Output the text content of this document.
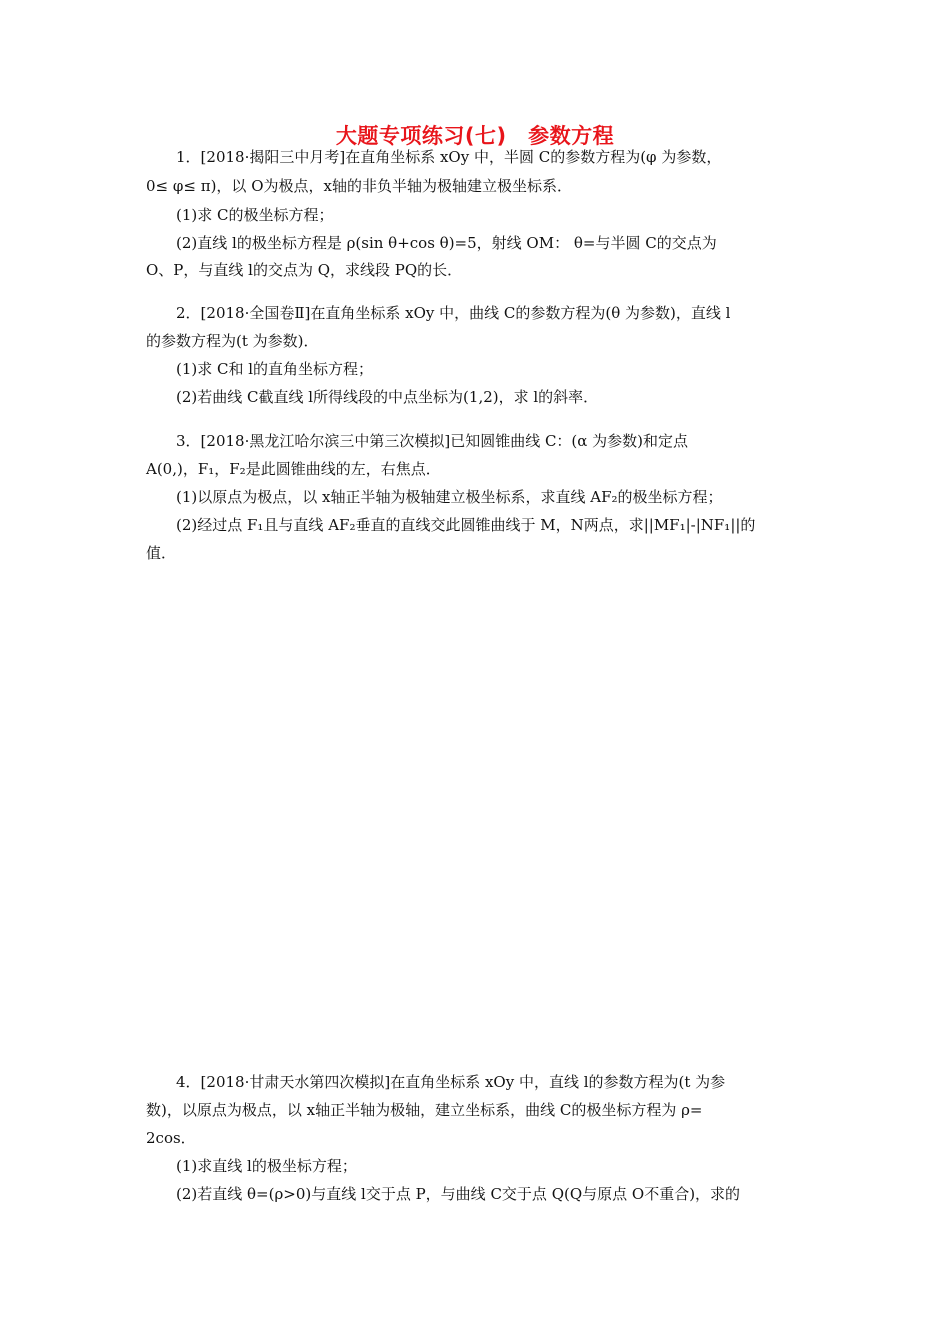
大题专项练习(七)　参数方程
1．[2018·揭阳三中月考]在直角坐标系 xOy 中，半圆 C的参数方程为(φ 为参数，
0≤ φ≤ π)，以 O为极点，x轴的非负半轴为极轴建立极坐标系．
(1)求 C的极坐标方程；
(2)直线 l的极坐标方程是 ρ(sin θ+cos θ)=5，射线 OM： θ=与半圆 C的交点为
O、P，与直线 l的交点为 Q，求线段 PQ的长．
2．[2018·全国卷Ⅱ]在直角坐标系 xOy 中，曲线 C的参数方程为(θ 为参数)，直线 l
的参数方程为(t 为参数)．
(1)求 C和 l的直角坐标方程；
(2)若曲线 C截直线 l所得线段的中点坐标为(1,2)，求 l的斜率．
3．[2018·黑龙江哈尔滨三中第三次模拟]已知圆锥曲线 C：(α 为参数)和定点
A(0,)，F₁，F₂是此圆锥曲线的左，右焦点．
(1)以原点为极点，以 x轴正半轴为极轴建立极坐标系，求直线 AF₂的极坐标方程；
(2)经过点 F₁且与直线 AF₂垂直的直线交此圆锥曲线于 M，N两点，求||MF₁|-|NF₁||的
值．
4．[2018·甘肃天水第四次模拟]在直角坐标系 xOy 中，直线 l的参数方程为(t 为参
数)，以原点为极点，以 x轴正半轴为极轴，建立坐标系，曲线 C的极坐标方程为 ρ=
2cos．
(1)求直线 l的极坐标方程；
(2)若直线 θ=(ρ>0)与直线 l交于点 P，与曲线 C交于点 Q(Q与原点 O不重合)，求的
